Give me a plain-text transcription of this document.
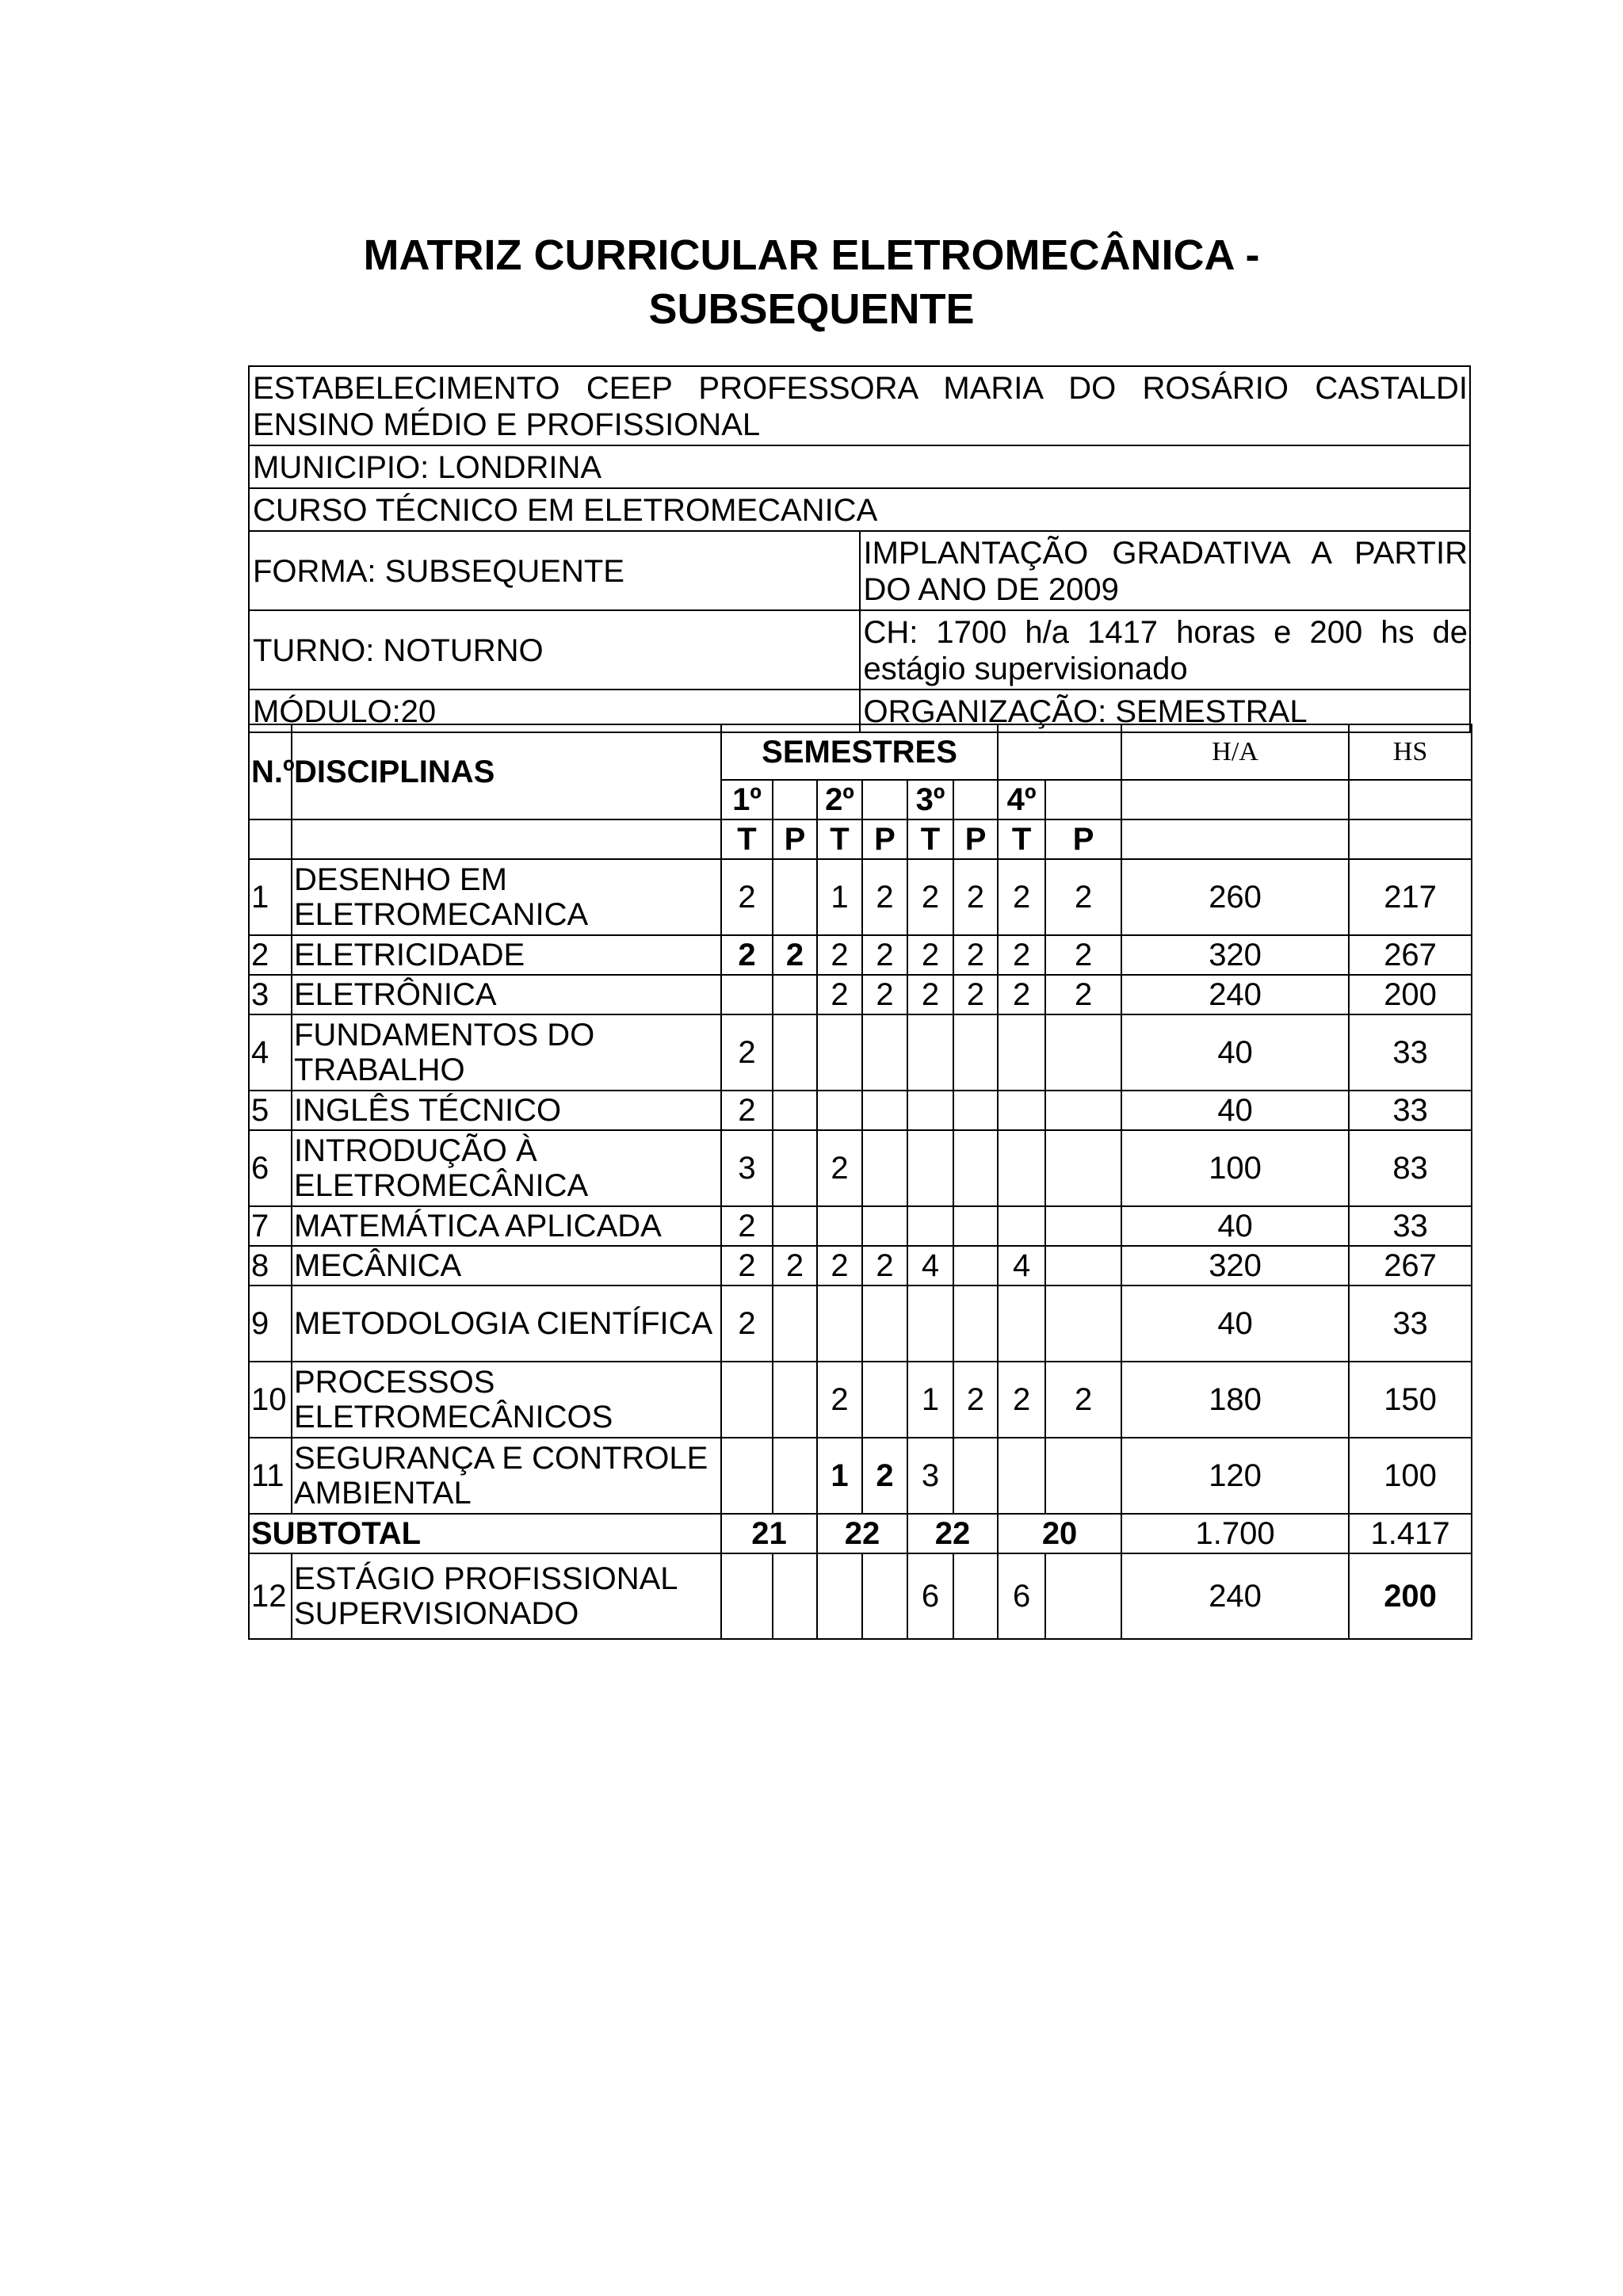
MATRIZ CURRICULAR ELETROMECÂNICA -
SUBSEQUENTE
ESTABELECIMENTO CEEP PROFESSORA MARIA DO ROSÁRIO CASTALDI ENSINO MÉDIO E PROFISSIONAL	
MUNICIPIO: LONDRINA	
CURSO TÉCNICO EM ELETROMECANICA	
FORMA: SUBSEQUENTE	IMPLANTAÇÃO GRADATIVA A PARTIR DO ANO DE 2009
TURNO: NOTURNO	CH: 1700 h/a 1417 horas e 200 hs de estágio supervisionado
MÓDULO:20	ORGANIZAÇÃO: SEMESTRAL
N.º	DISCIPLINAS	SEMESTRES								H/A	HS
		1º		2º		3º		4º			
		T	P	T	P	T	P	T	P		
1	DESENHO EM ELETROMECANICA	2		1	2	2	2	2	2	260	217
2	ELETRICIDADE	2	2	2	2	2	2	2	2	320	267
3	ELETRÔNICA			2	2	2	2	2	2	240	200
4	FUNDAMENTOS DO TRABALHO	2								40	33
5	INGLÊS TÉCNICO	2								40	33
6	INTRODUÇÃO À ELETROMECÂNICA	3		2						100	83
7	MATEMÁTICA APLICADA	2								40	33
8	MECÂNICA	2	2	2	2	4		4		320	267
9	METODOLOGIA CIENTÍFICA	2								40	33
10	PROCESSOS ELETROMECÂNICOS			2		1	2	2	2	180	150
11	SEGURANÇA E CONTROLE AMBIENTAL			1	2	3				120	100
SUBTOTAL		21		22		22		20		1.700	1.417
12	ESTÁGIO PROFISSIONAL SUPERVISIONADO					6		6		240	200
